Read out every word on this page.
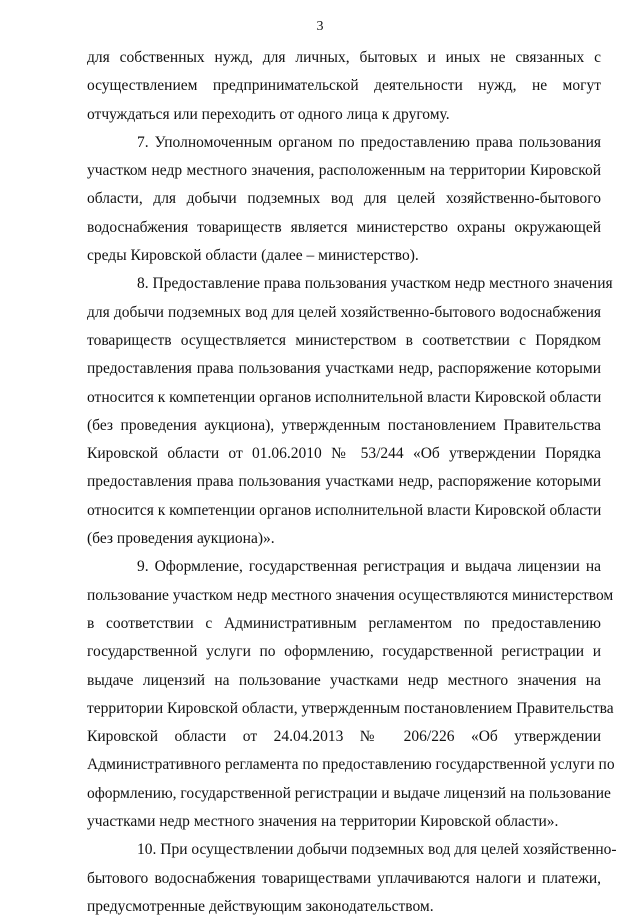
3
для собственных нужд, для личных, бытовых и иных не связанных с
осуществлением предпринимательской деятельности нужд, не могут
отчуждаться или переходить от одного лица к другому.
7. Уполномоченным органом по предоставлению права пользования
участком недр местного значения, расположенным на территории Кировской
области, для добычи подземных вод для целей хозяйственно-бытового
водоснабжения товариществ является министерство охраны окружающей
среды Кировской области (далее – министерство).
8. Предоставление права пользования участком недр местного значения
для добычи подземных вод для целей хозяйственно-бытового водоснабжения
товариществ осуществляется министерством в соответствии с Порядком
предоставления права пользования участками недр, распоряжение которыми
относится к компетенции органов исполнительной власти Кировской области
(без проведения аукциона), утвержденным постановлением Правительства
Кировской области от 01.06.2010 № 53/244 «Об утверждении Порядка
предоставления права пользования участками недр, распоряжение которыми
относится к компетенции органов исполнительной власти Кировской области
(без проведения аукциона)».
9. Оформление, государственная регистрация и выдача лицензии на
пользование участком недр местного значения осуществляются министерством
в соответствии с Административным регламентом по предоставлению
государственной услуги по оформлению, государственной регистрации и
выдаче лицензий на пользование участками недр местного значения на
территории Кировской области, утвержденным постановлением Правительства
Кировской области от 24.04.2013 № 206/226 «Об утверждении
Административного регламента по предоставлению государственной услуги по
оформлению, государственной регистрации и выдаче лицензий на пользование
участками недр местного значения на территории Кировской области».
10. При осуществлении добычи подземных вод для целей хозяйственно-
бытового водоснабжения товариществами уплачиваются налоги и платежи,
предусмотренные действующим законодательством.
